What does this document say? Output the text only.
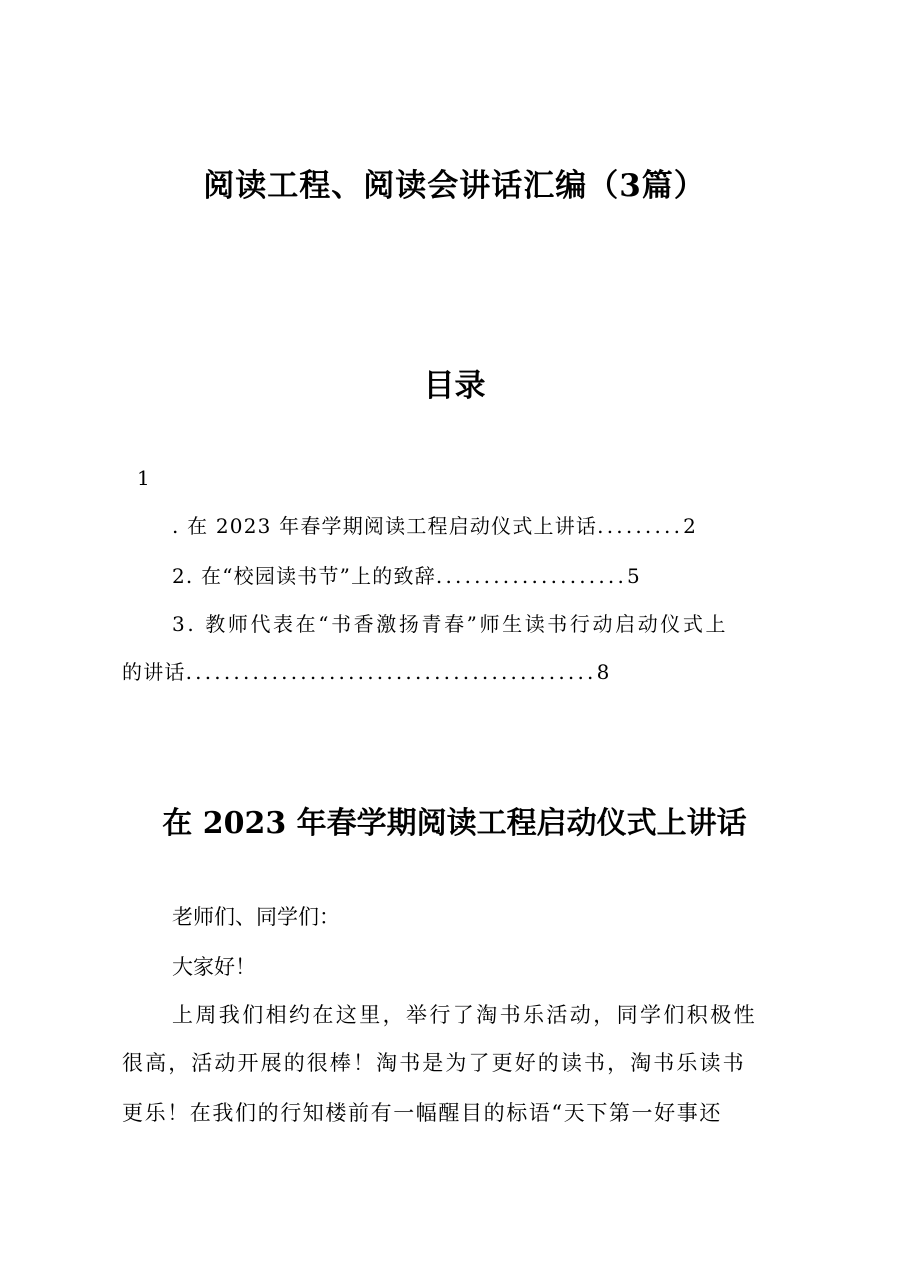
阅读工程、阅读会讲话汇编（3篇）
目录
1
. 在 2023 年春学期阅读工程启动仪式上讲话.........2
2. 在“校园读书节”上的致辞....................5
3. 教师代表在“书香激扬青春”师生读书行动启动仪式上
的讲话...........................................8
在 2023 年春学期阅读工程启动仪式上讲话
老师们、同学们：
大家好！
上周我们相约在这里，举行了淘书乐活动，同学们积极性
很高，活动开展的很棒！淘书是为了更好的读书，淘书乐读书
更乐！在我们的行知楼前有一幅醒目的标语“天下第一好事还
